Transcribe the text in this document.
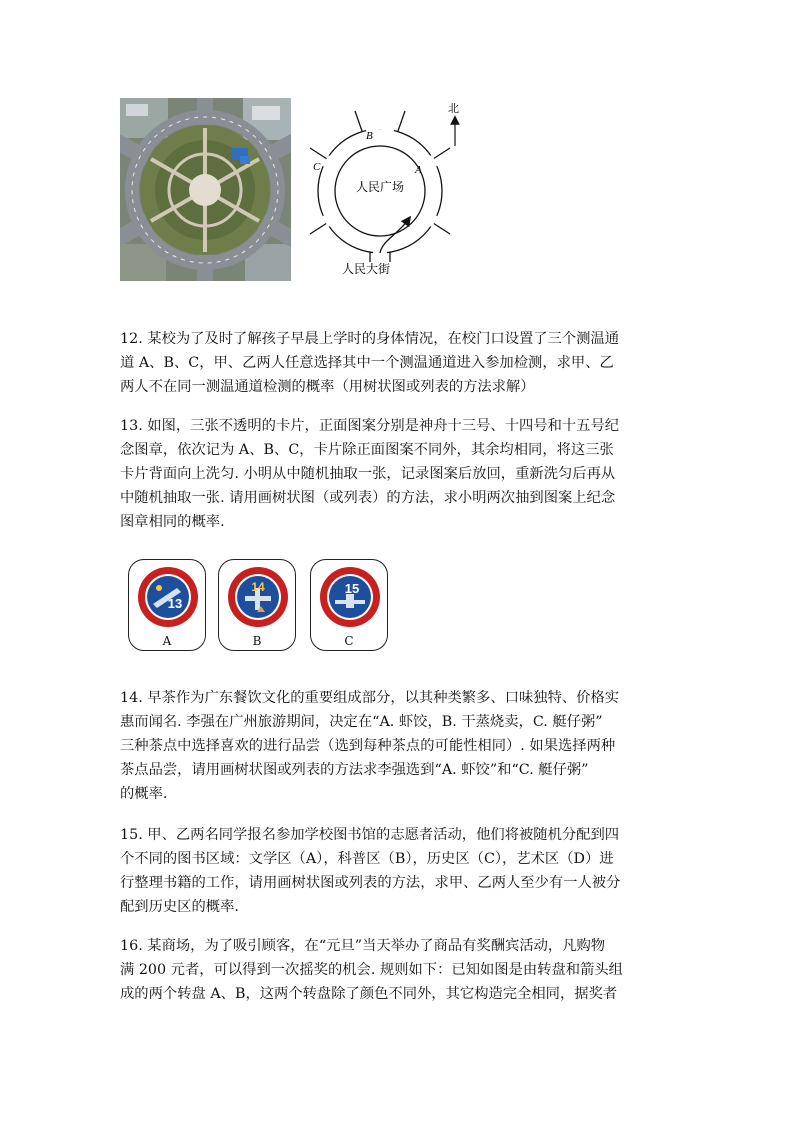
B
C	A
人民广场
人民大街
北

12. 某校为了及时了解孩子早晨上学时的身体情况，在校门口设置了三个测温通
道 A、B、C，甲、乙两人任意选择其中一个测温通道进入参加检测，求甲、乙
两人不在同一测温通道检测的概率（用树状图或列表的方法求解）

13. 如图，三张不透明的卡片，正面图案分别是神舟十三号、十四号和十五号纪
念图章，依次记为 A、B、C，卡片除正面图案不同外，其余均相同，将这三张
卡片背面向上洗匀. 小明从中随机抽取一张，记录图案后放回，重新洗匀后再从
中随机抽取一张. 请用画树状图（或列表）的方法，求小明两次抽到图案上纪念
图章相同的概率.

13
A
14
B
15
C

14. 早茶作为广东餐饮文化的重要组成部分，以其种类繁多、口味独特、价格实
惠而闻名. 李强在广州旅游期间，决定在“A. 虾饺，B. 干蒸烧卖，C. 艇仔粥”
三种茶点中选择喜欢的进行品尝（选到每种茶点的可能性相同）. 如果选择两种
茶点品尝，请用画树状图或列表的方法求李强选到“A. 虾饺”和“C. 艇仔粥”
的概率.

15. 甲、乙两名同学报名参加学校图书馆的志愿者活动，他们将被随机分配到四
个不同的图书区域：文学区（A），科普区（B），历史区（C），艺术区（D）进
行整理书籍的工作，请用画树状图或列表的方法，求甲、乙两人至少有一人被分
配到历史区的概率.

16. 某商场，为了吸引顾客，在“元旦”当天举办了商品有奖酬宾活动，凡购物
满 200 元者，可以得到一次摇奖的机会. 规则如下：已知如图是由转盘和箭头组
成的两个转盘 A、B，这两个转盘除了颜色不同外，其它构造完全相同，据奖者
